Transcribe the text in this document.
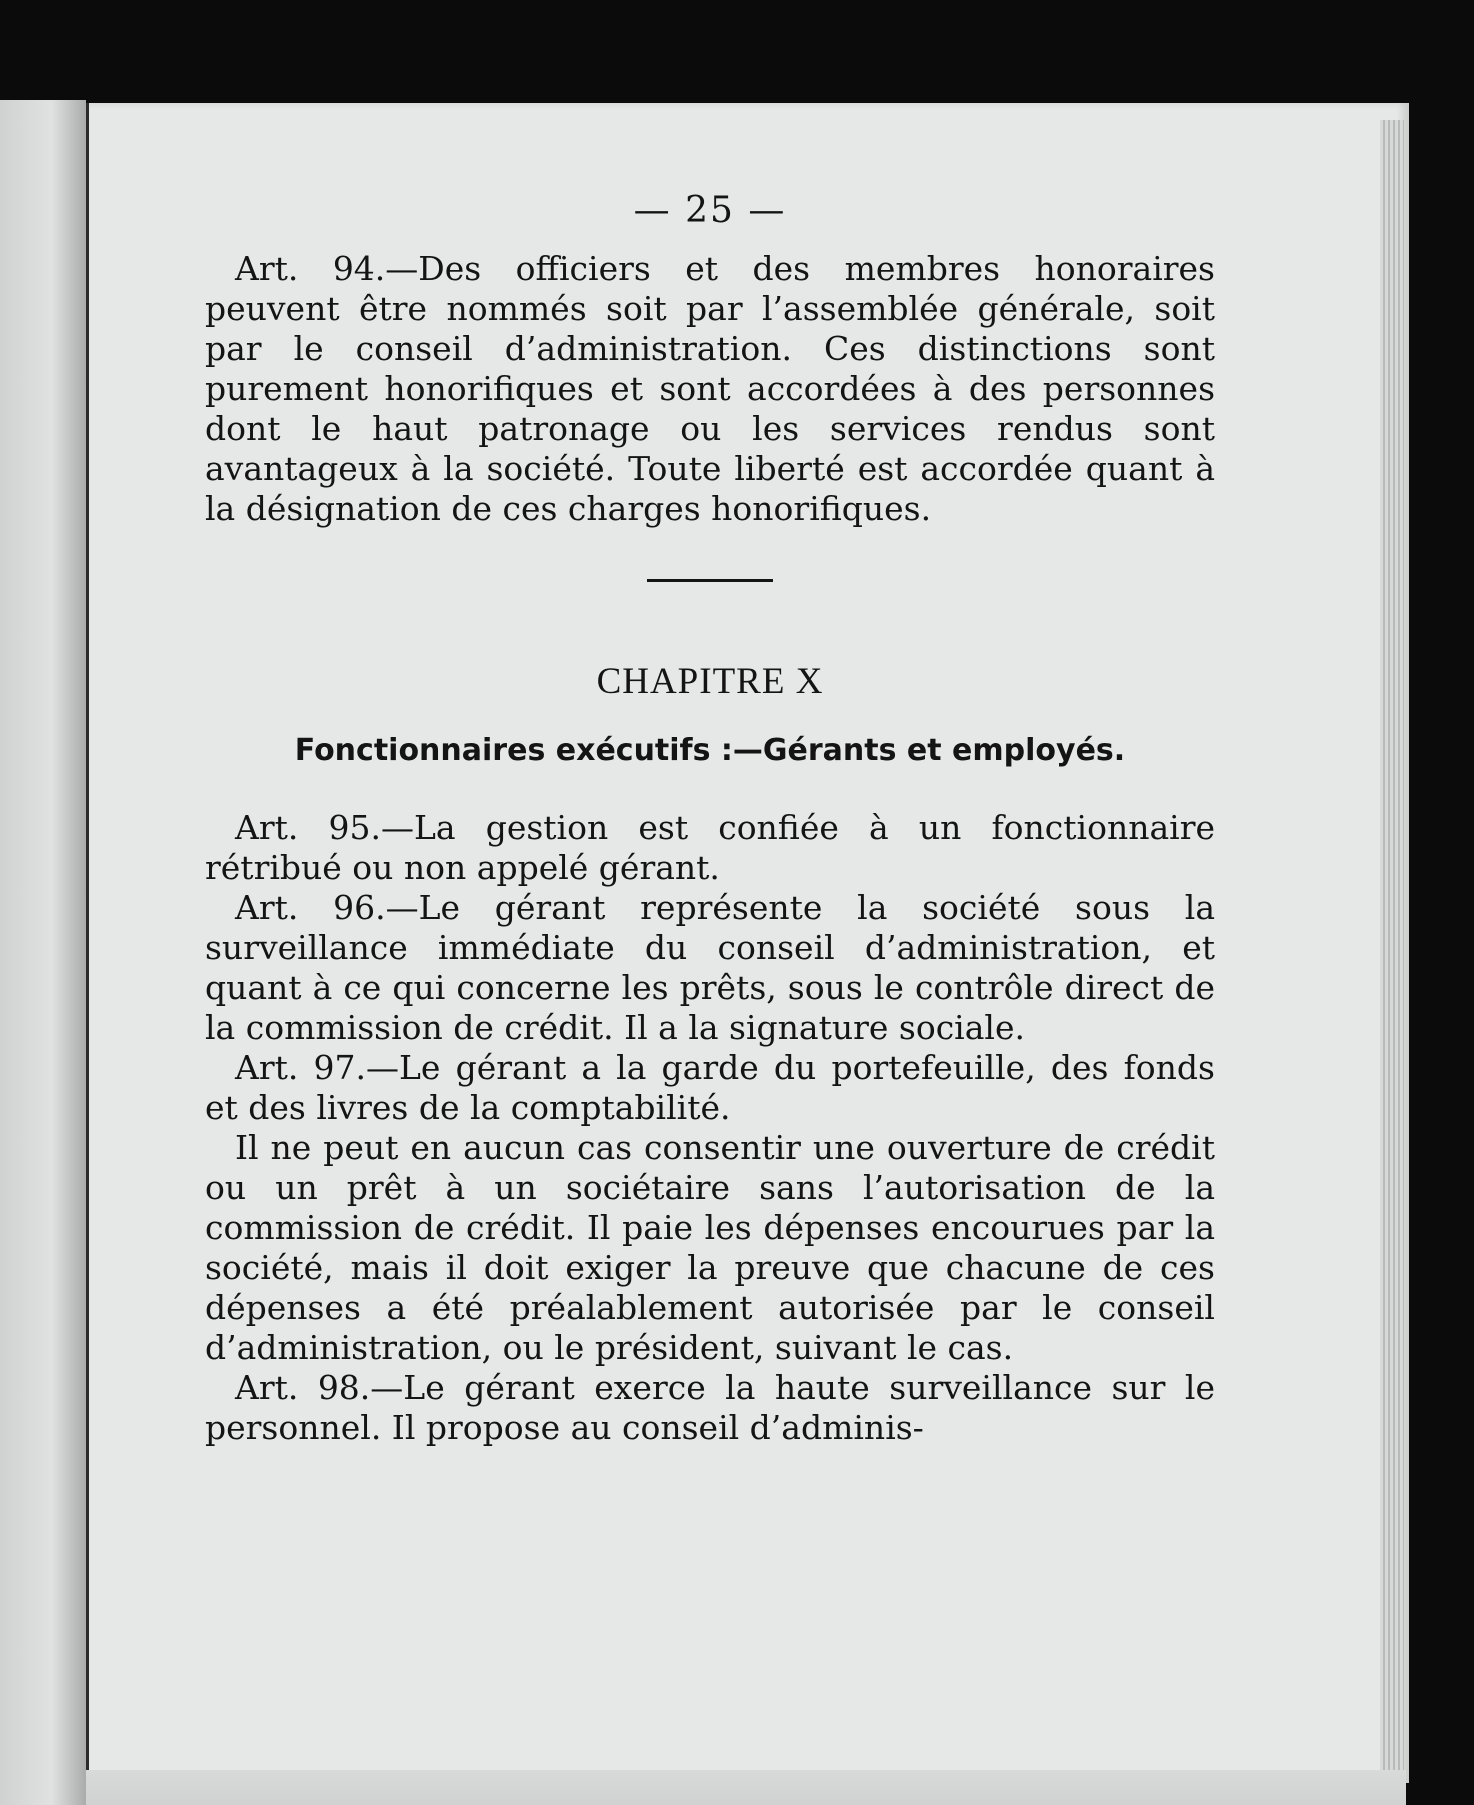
— 25 —

Art. 94.—Des officiers et des membres honoraires peuvent être nommés soit par l’assemblée générale, soit par le conseil d’administration. Ces distinctions sont purement honorifiques et sont accordées à des personnes dont le haut patronage ou les services rendus sont avantageux à la société. Toute liberté est accordée quant à la désignation de ces charges honorifiques.

CHAPITRE X
Fonctionnaires exécutifs :—Gérants et employés.

Art. 95.—La gestion est confiée à un fonctionnaire rétribué ou non appelé gérant.

Art. 96.—Le gérant représente la société sous la surveillance immédiate du conseil d’administration, et quant à ce qui concerne les prêts, sous le contrôle direct de la commission de crédit. Il a la signature sociale.

Art. 97.—Le gérant a la garde du portefeuille, des fonds et des livres de la comptabilité.

Il ne peut en aucun cas consentir une ouverture de crédit ou un prêt à un sociétaire sans l’autorisation de la commission de crédit. Il paie les dépenses encourues par la société, mais il doit exiger la preuve que chacune de ces dépenses a été préalablement autorisée par le conseil d’administration, ou le président, suivant le cas.

Art. 98.—Le gérant exerce la haute surveillance sur le personnel. Il propose au conseil d’adminis-
